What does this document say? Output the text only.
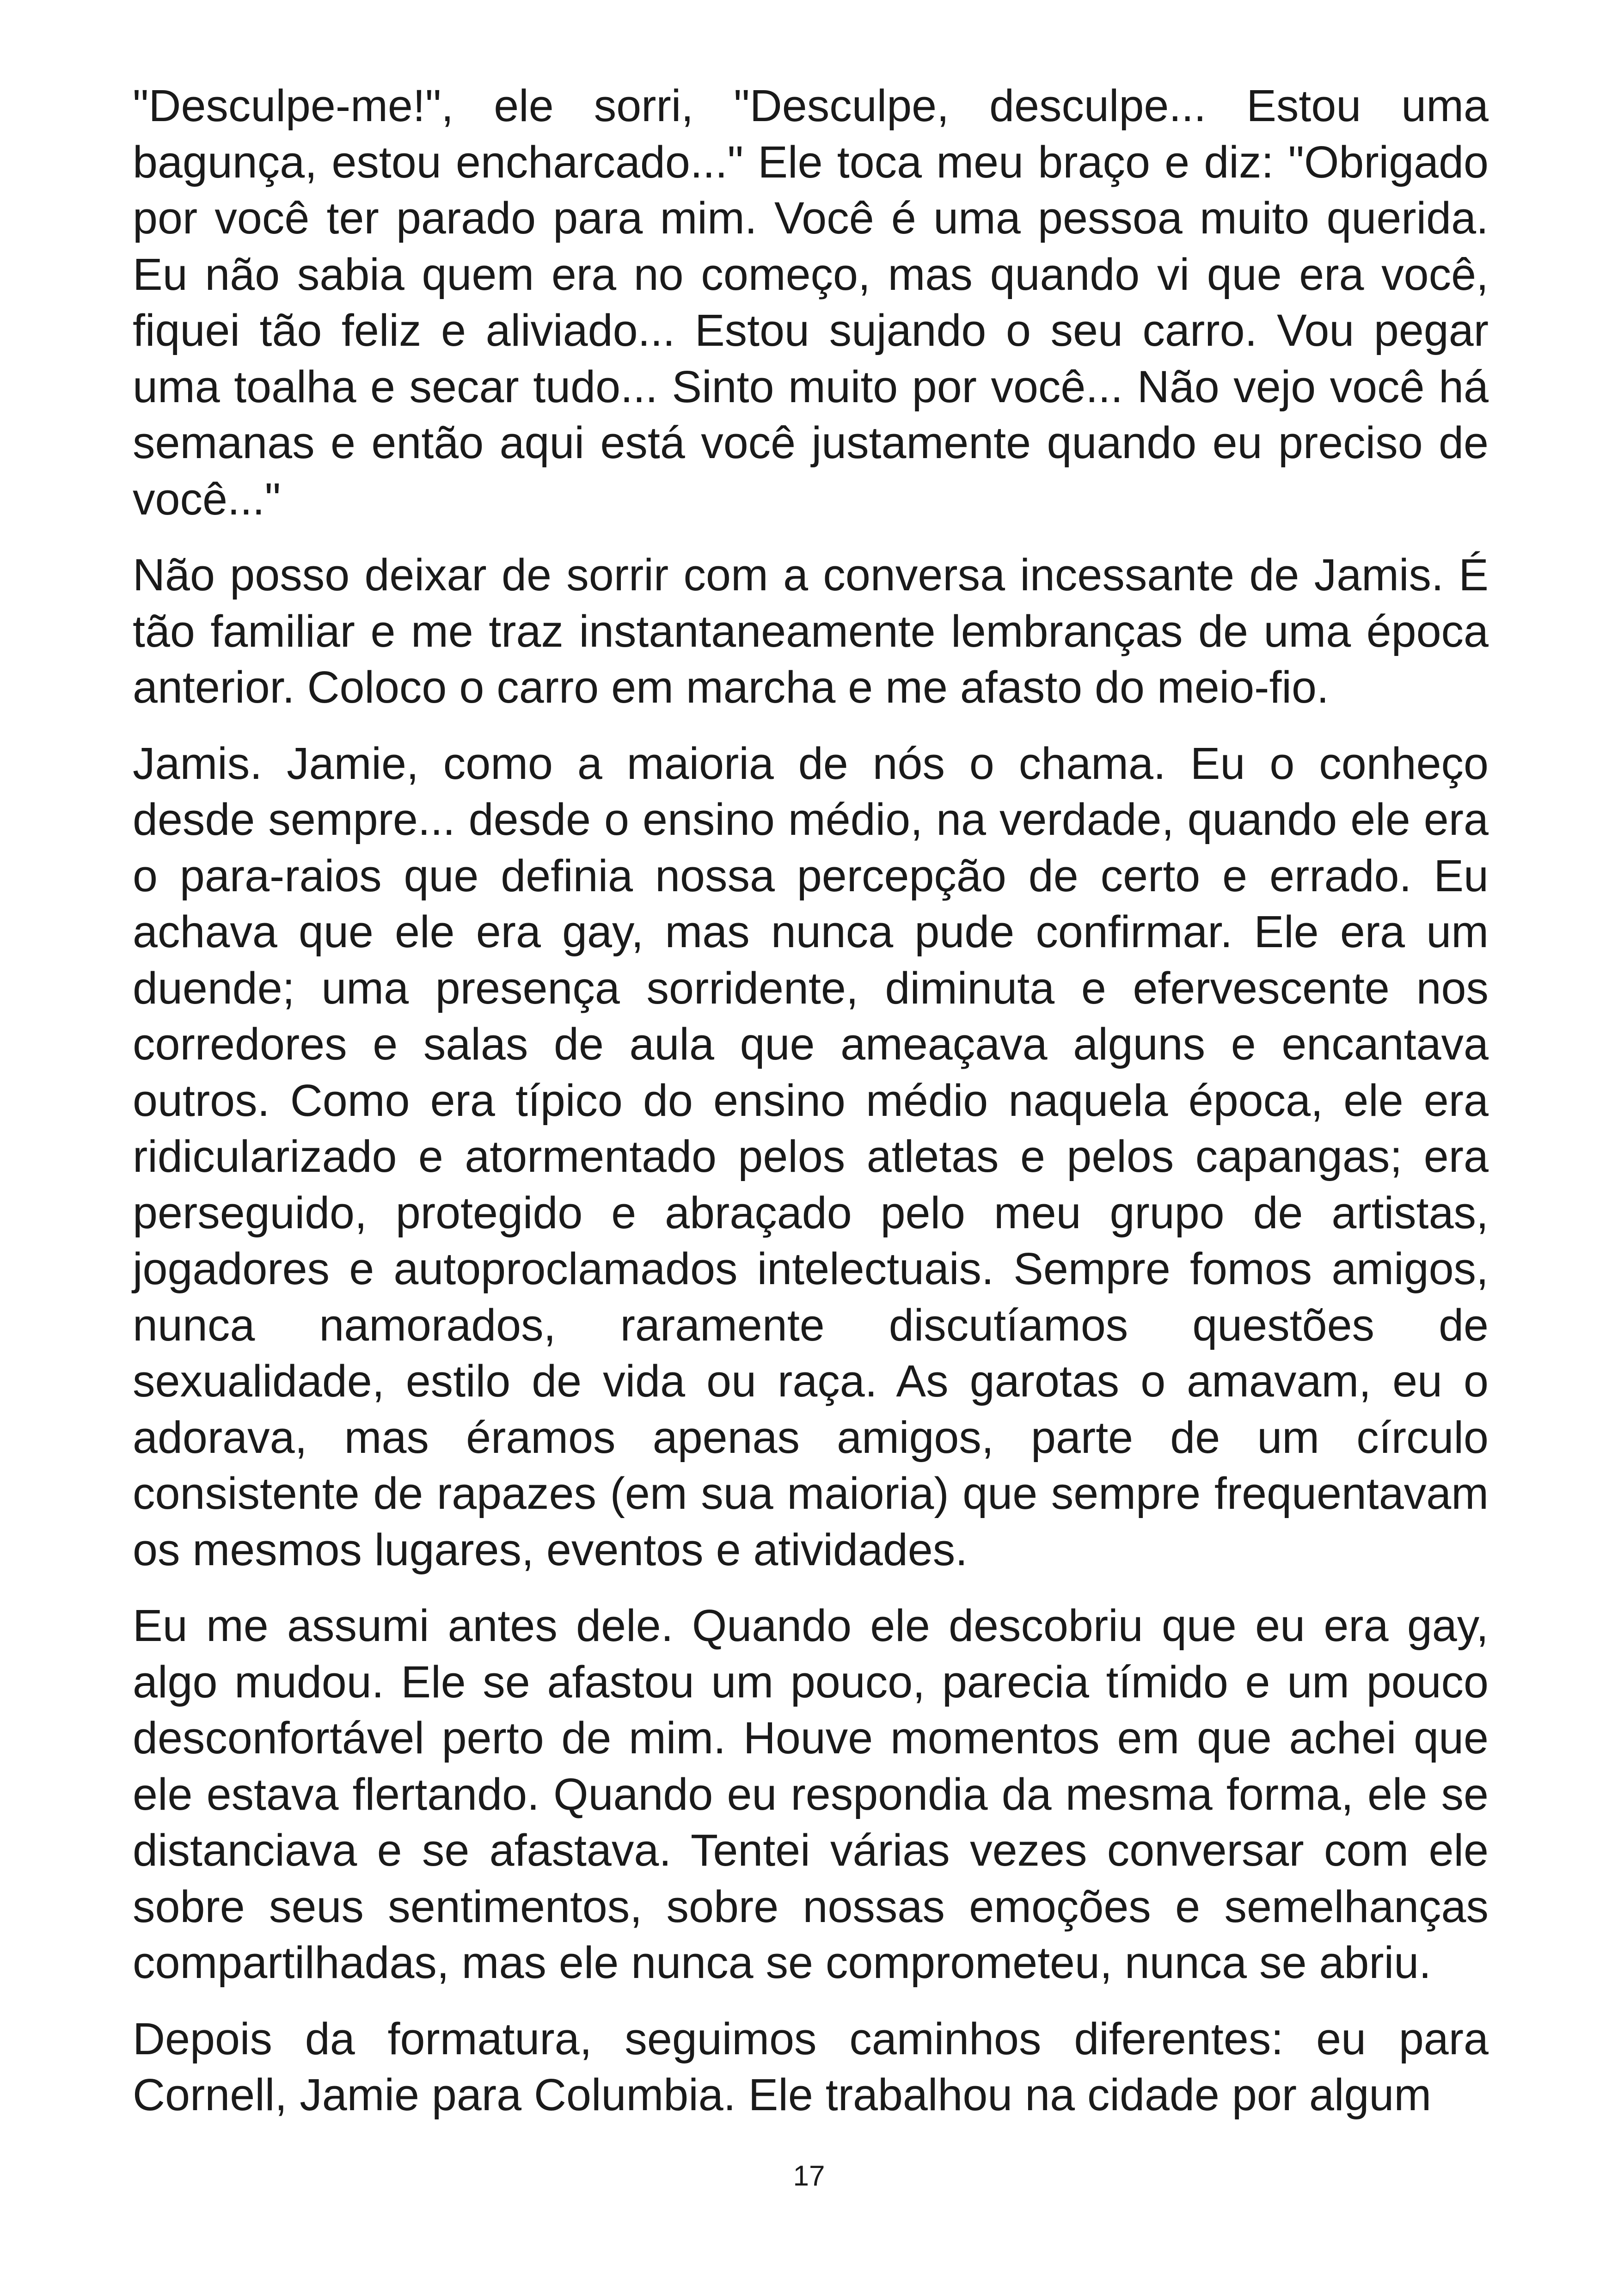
"Desculpe-me!", ele sorri, "Desculpe, desculpe... Estou uma bagunça, estou encharcado..." Ele toca meu braço e diz: "Obrigado por você ter parado para mim. Você é uma pessoa muito querida. Eu não sabia quem era no começo, mas quando vi que era você, fiquei tão feliz e aliviado... Estou sujando o seu carro. Vou pegar uma toalha e secar tudo... Sinto muito por você... Não vejo você há semanas e então aqui está você justamente quando eu preciso de você..."

Não posso deixar de sorrir com a conversa incessante de Jamis. É tão familiar e me traz instantaneamente lembranças de uma época anterior. Coloco o carro em marcha e me afasto do meio-fio.

Jamis. Jamie, como a maioria de nós o chama. Eu o conheço desde sempre... desde o ensino médio, na verdade, quando ele era o para-raios que definia nossa percepção de certo e errado. Eu achava que ele era gay, mas nunca pude confirmar. Ele era um duende; uma presença sorridente, diminuta e efervescente nos corredores e salas de aula que ameaçava alguns e encantava outros. Como era típico do ensino médio naquela época, ele era ridicularizado e atormentado pelos atletas e pelos capangas; era perseguido, protegido e abraçado pelo meu grupo de artistas, jogadores e autoproclamados intelectuais. Sempre fomos amigos, nunca namorados, raramente discutíamos questões de sexualidade, estilo de vida ou raça. As garotas o amavam, eu o adorava, mas éramos apenas amigos, parte de um círculo consistente de rapazes (em sua maioria) que sempre frequentavam os mesmos lugares, eventos e atividades.

Eu me assumi antes dele. Quando ele descobriu que eu era gay, algo mudou. Ele se afastou um pouco, parecia tímido e um pouco desconfortável perto de mim. Houve momentos em que achei que ele estava flertando. Quando eu respondia da mesma forma, ele se distanciava e se afastava. Tentei várias vezes conversar com ele sobre seus sentimentos, sobre nossas emoções e semelhanças compartilhadas, mas ele nunca se comprometeu, nunca se abriu.

Depois da formatura, seguimos caminhos diferentes: eu para Cornell, Jamie para Columbia. Ele trabalhou na cidade por algum

17
